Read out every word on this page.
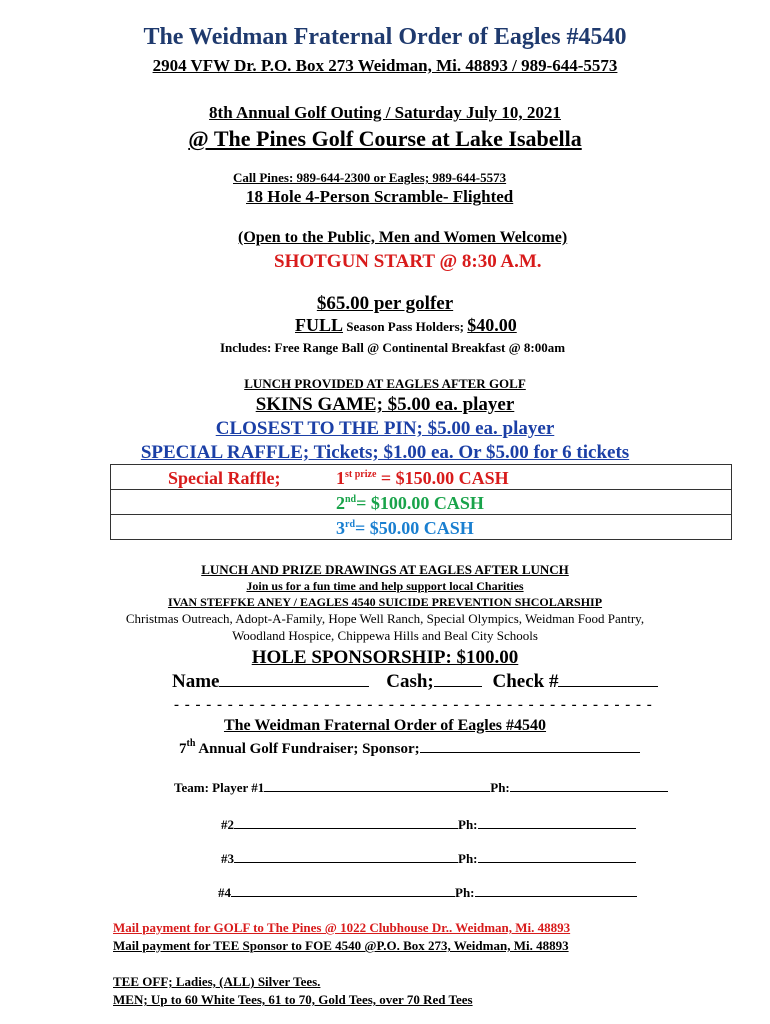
The Weidman Fraternal Order of Eagles #4540
2904 VFW Dr. P.O. Box 273 Weidman, Mi. 48893 / 989-644-5573
8th Annual Golf Outing / Saturday July 10, 2021
@ The Pines Golf Course at Lake Isabella
Call Pines: 989-644-2300 or Eagles; 989-644-5573
18 Hole 4-Person Scramble- Flighted
(Open to the Public, Men and Women Welcome)
SHOTGUN START @ 8:30 A.M.
$65.00 per golfer
FULL Season Pass Holders; $40.00
Includes: Free Range Ball @ Continental Breakfast @ 8:00am
LUNCH PROVIDED AT EAGLES AFTER GOLF
SKINS GAME; $5.00 ea. player
CLOSEST TO THE PIN; $5.00 ea. player
SPECIAL RAFFLE; Tickets; $1.00 ea. Or $5.00 for 6 tickets
Special Raffle;	$1^{st prize}$ = $150.00 CASH
2nd= $100.00 CASH
3rd= $50.00 CASH
LUNCH AND PRIZE DRAWINGS AT EAGLES AFTER LUNCH
Join us for a fun time and help support local Charities
IVAN STEFFKE ANEY / EAGLES 4540 SUICIDE PREVENTION SHCOLARSHIP
Christmas Outreach, Adopt-A-Family, Hope Well Ranch, Special Olympics, Weidman Food Pantry,
Woodland Hospice, Chippewa Hills and Beal City Schools
HOLE SPONSORSHIP: $100.00
Name	Cash;	Check #
- - - - - - - - - - - - - - - - - - - - - - - - - - - - - - - - - - - - - - - - - - - - -
The Weidman Fraternal Order of Eagles #4540
7th Annual Golf Fundraiser; Sponsor;
Team: Player #1	Ph:
#2	Ph:
#3	Ph:
#4	Ph:
Mail payment for GOLF to The Pines @ 1022 Clubhouse Dr.. Weidman, Mi. 48893
Mail payment for TEE Sponsor to FOE 4540 @P.O. Box 273, Weidman, Mi. 48893
TEE OFF; Ladies, (ALL) Silver Tees.
MEN; Up to 60 White Tees, 61 to 70, Gold Tees, over 70 Red Tees
